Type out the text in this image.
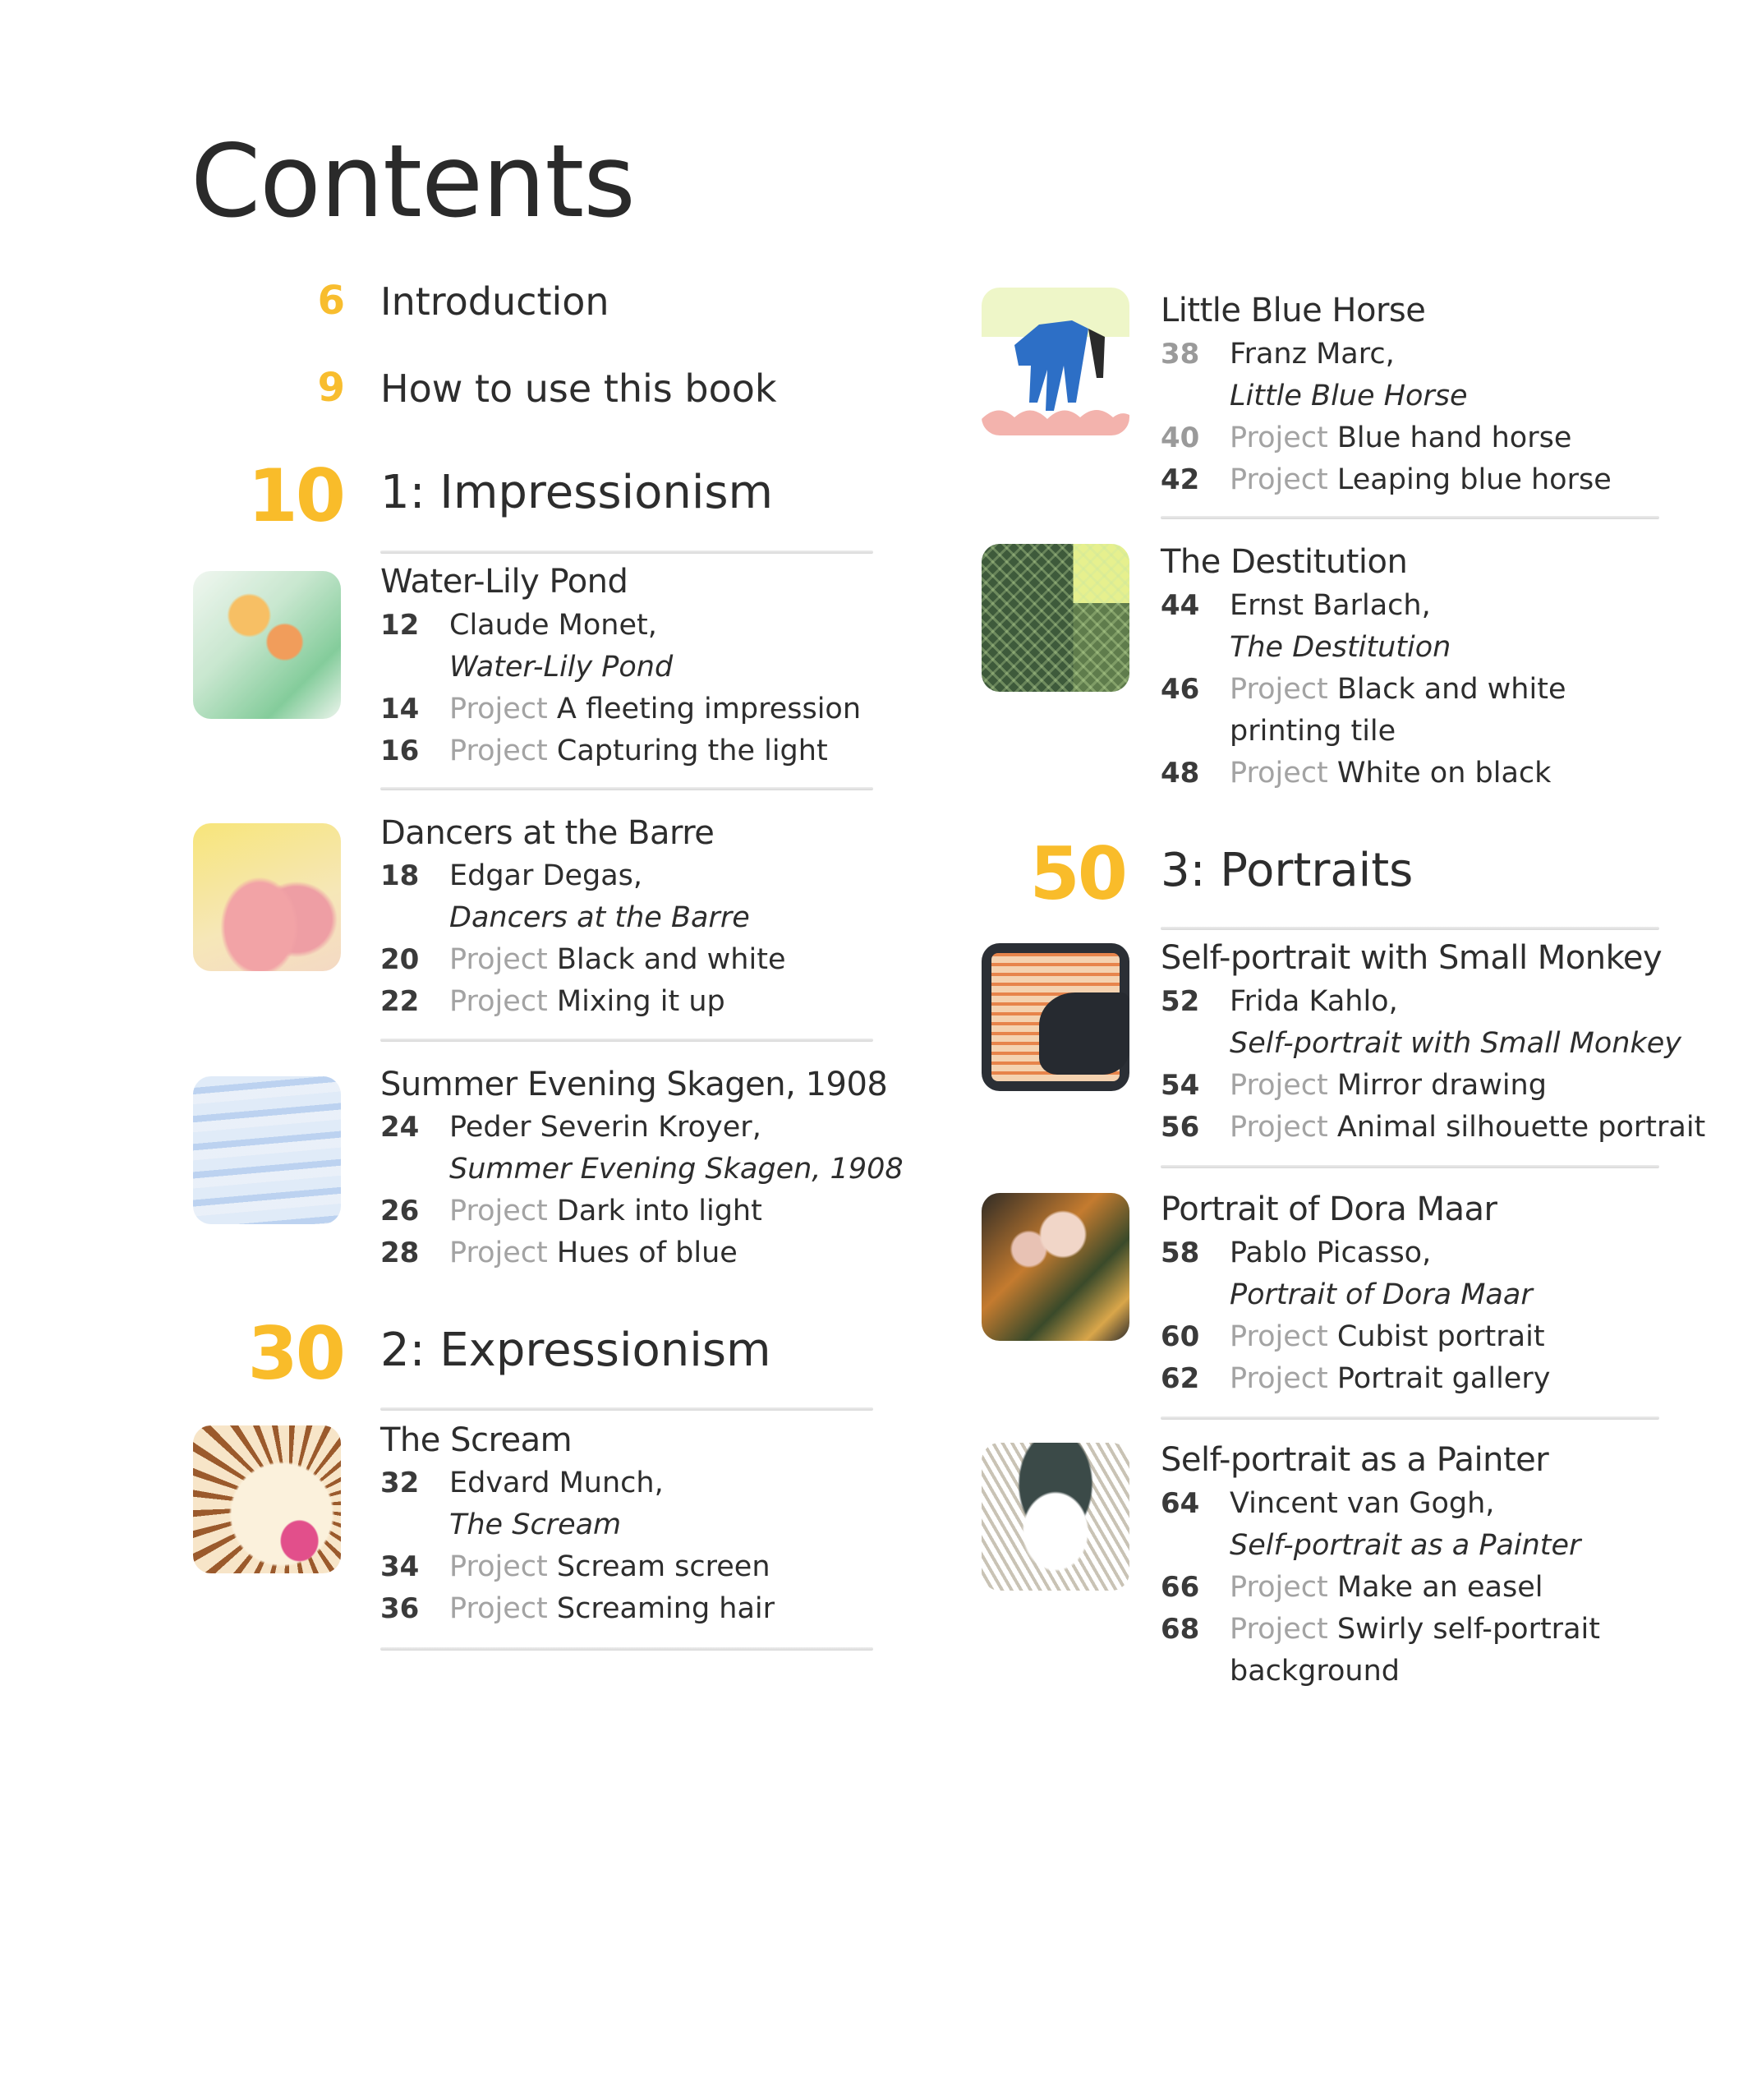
Contents
6 Introduction
9 How to use this book
10 1: Impressionism
Water-Lily Pond
12 Claude Monet,
Water-Lily Pond
14 Project A fleeting impression
16 Project Capturing the light
Dancers at the Barre
18 Edgar Degas,
Dancers at the Barre
20 Project Black and white
22 Project Mixing it up
Summer Evening Skagen, 1908
24 Peder Severin Kroyer,
Summer Evening Skagen, 1908
26 Project Dark into light
28 Project Hues of blue
30 2: Expressionism
The Scream
32 Edvard Munch,
The Scream
34 Project Scream screen
36 Project Screaming hair
Little Blue Horse
38 Franz Marc,
Little Blue Horse
40 Project Blue hand horse
42 Project Leaping blue horse
The Destitution
44 Ernst Barlach,
The Destitution
46 Project Black and white
printing tile
48 Project White on black
50 3: Portraits
Self-portrait with Small Monkey
52 Frida Kahlo,
Self-portrait with Small Monkey
54 Project Mirror drawing
56 Project Animal silhouette portrait
Portrait of Dora Maar
58 Pablo Picasso,
Portrait of Dora Maar
60 Project Cubist portrait
62 Project Portrait gallery
Self-portrait as a Painter
64 Vincent van Gogh,
Self-portrait as a Painter
66 Project Make an easel
68 Project Swirly self-portrait
background
